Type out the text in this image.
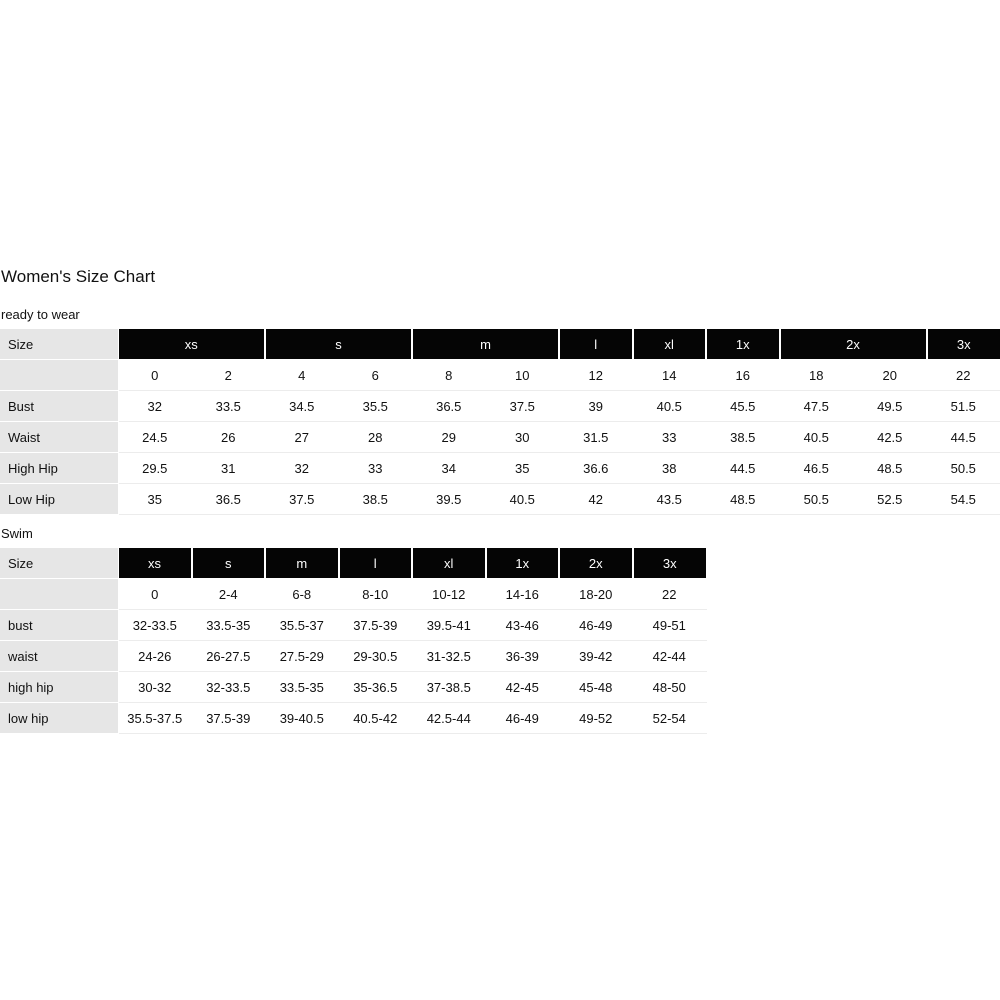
Women's Size Chart
ready to wear
Size	xs		s		m		l	xl	1x	2x		3x
	0	2	4	6	8	10	12	14	16	18	20	22
Bust	32	33.5	34.5	35.5	36.5	37.5	39	40.5	45.5	47.5	49.5	51.5
Waist	24.5	26	27	28	29	30	31.5	33	38.5	40.5	42.5	44.5
High Hip	29.5	31	32	33	34	35	36.6	38	44.5	46.5	48.5	50.5
Low Hip	35	36.5	37.5	38.5	39.5	40.5	42	43.5	48.5	50.5	52.5	54.5
Swim
Size	xs	s	m	l	xl	1x	2x	3x
	0	2-4	6-8	8-10	10-12	14-16	18-20	22
bust	32-33.5	33.5-35	35.5-37	37.5-39	39.5-41	43-46	46-49	49-51
waist	24-26	26-27.5	27.5-29	29-30.5	31-32.5	36-39	39-42	42-44
high hip	30-32	32-33.5	33.5-35	35-36.5	37-38.5	42-45	45-48	48-50
low hip	35.5-37.5	37.5-39	39-40.5	40.5-42	42.5-44	46-49	49-52	52-54
